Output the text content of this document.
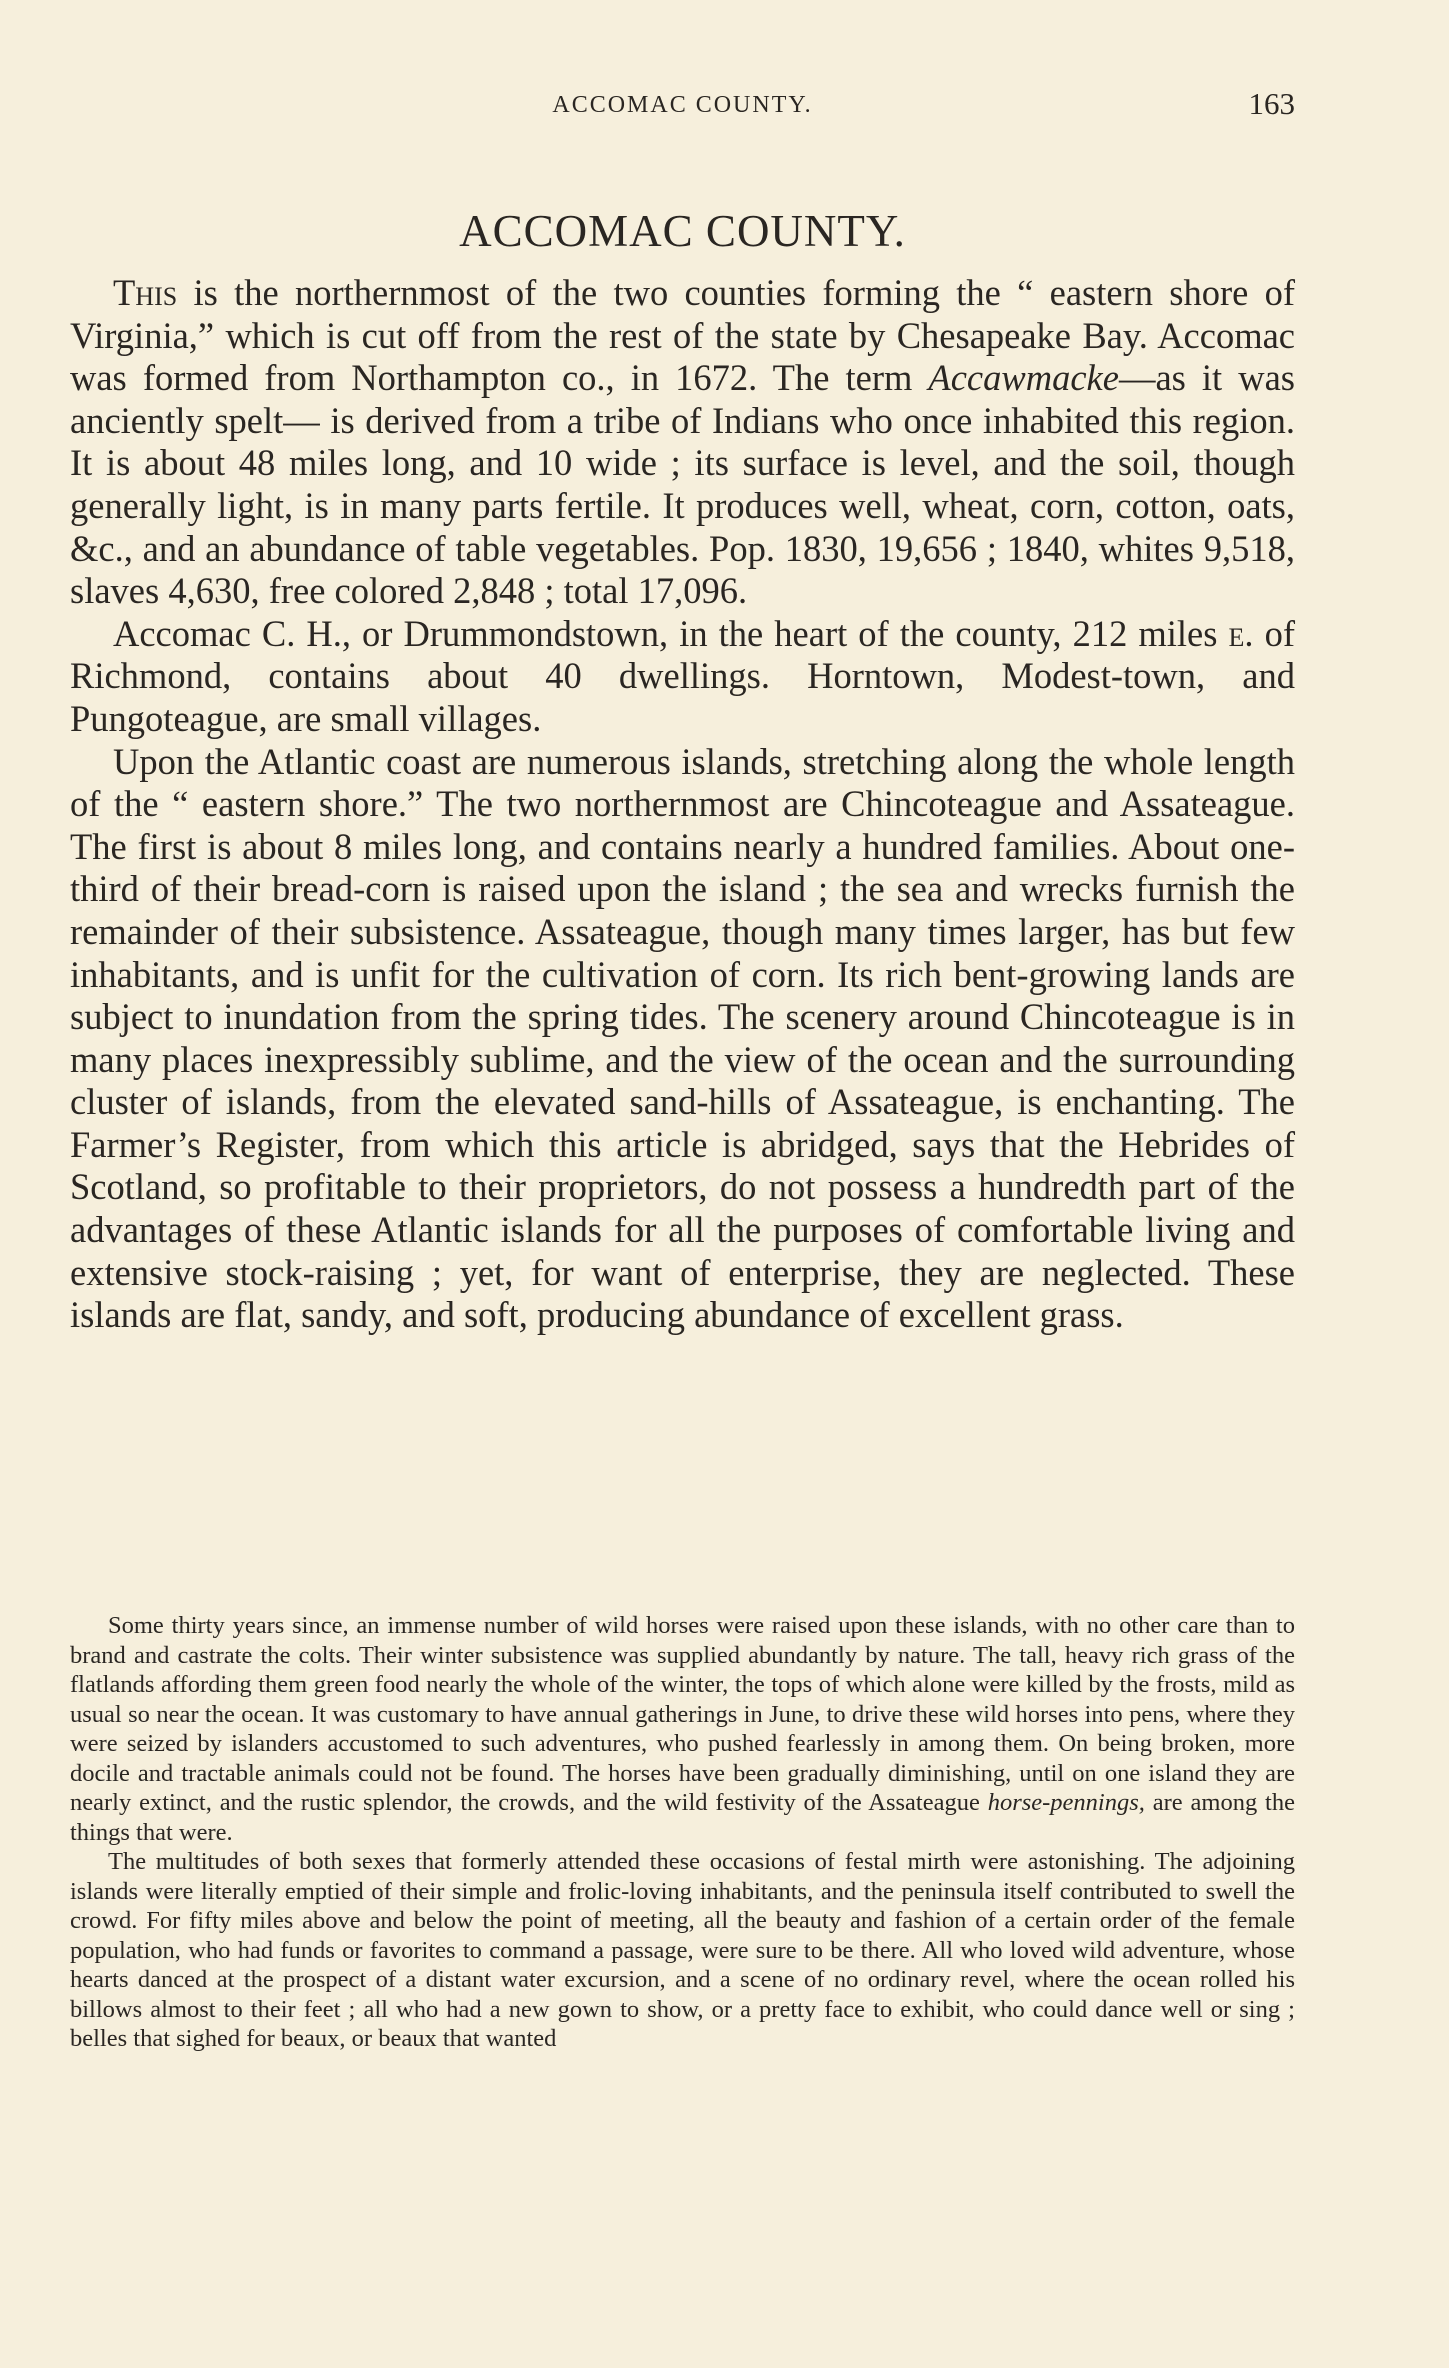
ACCOMAC COUNTY.	163
ACCOMAC COUNTY.

This is the northernmost of the two counties forming the “ eastern shore of Virginia,” which is cut off from the rest of the state by Chesapeake Bay. Accomac was formed from Northampton co., in 1672. The term Accawmacke—as it was anciently spelt— is derived from a tribe of Indians who once inhabited this region. It is about 48 miles long, and 10 wide ; its surface is level, and the soil, though generally light, is in many parts fertile. It produces well, wheat, corn, cotton, oats, &c., and an abundance of table vegetables. Pop. 1830, 19,656 ; 1840, whites 9,518, slaves 4,630, free colored 2,848 ; total 17,096.

Accomac C. H., or Drummondstown, in the heart of the county, 212 miles e. of Richmond, contains about 40 dwellings. Horntown, Modest-town, and Pungoteague, are small villages.

Upon the Atlantic coast are numerous islands, stretching along the whole length of the “ eastern shore.” The two northernmost are Chincoteague and Assateague. The first is about 8 miles long, and contains nearly a hundred families. About one-third of their bread-corn is raised upon the island ; the sea and wrecks furnish the remainder of their subsistence. Assateague, though many times larger, has but few inhabitants, and is unfit for the cultivation of corn. Its rich bent-growing lands are subject to inundation from the spring tides. The scenery around Chincoteague is in many places inexpressibly sublime, and the view of the ocean and the surrounding cluster of islands, from the elevated sand-hills of Assateague, is enchanting. The Farmer’s Register, from which this article is abridged, says that the Hebrides of Scotland, so profitable to their proprietors, do not possess a hundredth part of the advantages of these Atlantic islands for all the purposes of comfortable living and extensive stock-raising ; yet, for want of enterprise, they are neglected. These islands are flat, sandy, and soft, producing abundance of excellent grass.

Some thirty years since, an immense number of wild horses were raised upon these islands, with no other care than to brand and castrate the colts. Their winter subsistence was supplied abundantly by nature. The tall, heavy rich grass of the flatlands affording them green food nearly the whole of the winter, the tops of which alone were killed by the frosts, mild as usual so near the ocean. It was customary to have annual gatherings in June, to drive these wild horses into pens, where they were seized by islanders accustomed to such adventures, who pushed fearlessly in among them. On being broken, more docile and tractable animals could not be found. The horses have been gradually diminishing, until on one island they are nearly extinct, and the rustic splendor, the crowds, and the wild festivity of the Assateague horse-pennings, are among the things that were.

The multitudes of both sexes that formerly attended these occasions of festal mirth were astonishing. The adjoining islands were literally emptied of their simple and frolic-loving inhabitants, and the peninsula itself contributed to swell the crowd. For fifty miles above and below the point of meeting, all the beauty and fashion of a certain order of the female population, who had funds or favorites to command a passage, were sure to be there. All who loved wild adventure, whose hearts danced at the prospect of a distant water excursion, and a scene of no ordinary revel, where the ocean rolled his billows almost to their feet ; all who had a new gown to show, or a pretty face to exhibit, who could dance well or sing ; belles that sighed for beaux, or beaux that wanted
